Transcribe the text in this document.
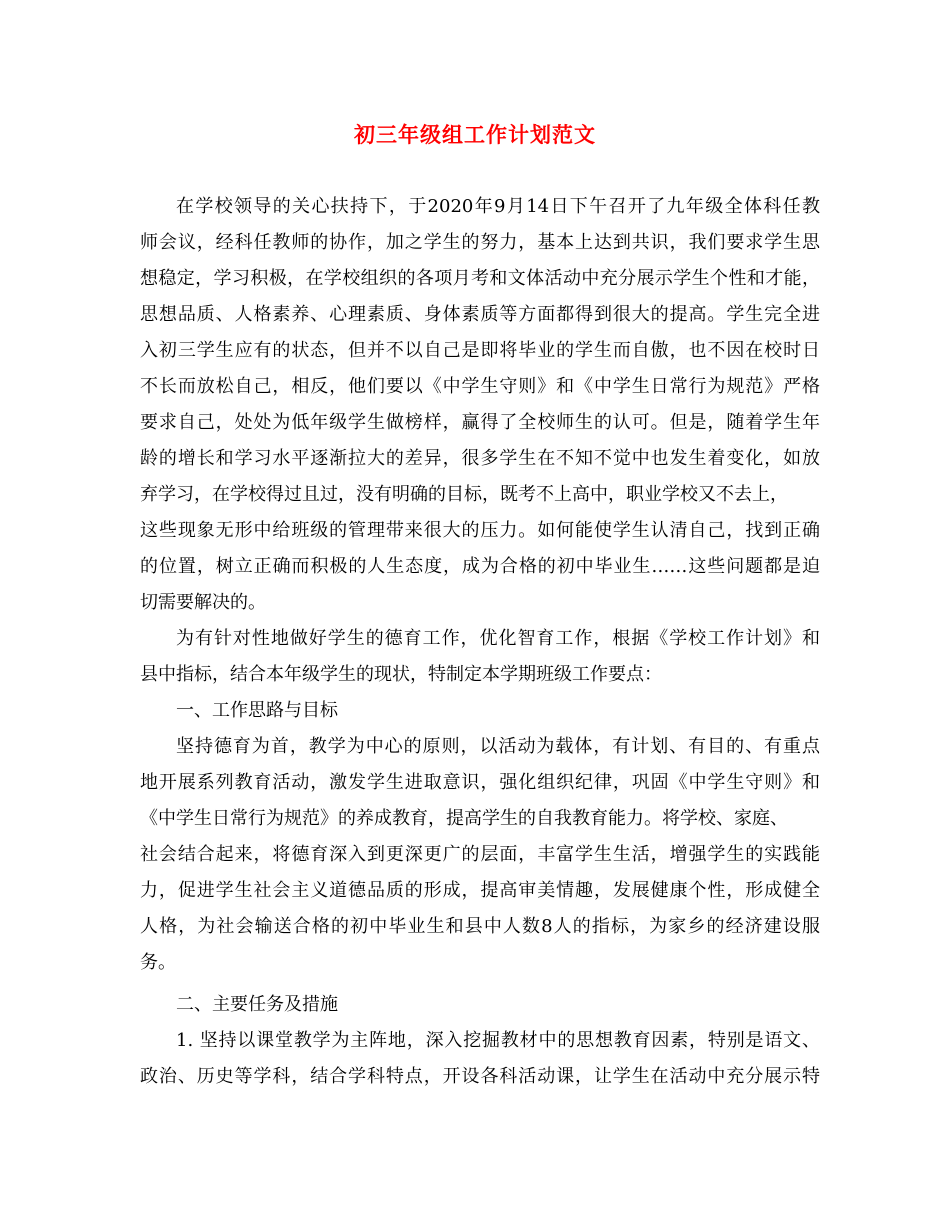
初三年级组工作计划范文
在学校领导的关心扶持下，于2020年9月14日下午召开了九年级全体科任教
师会议，经科任教师的协作，加之学生的努力，基本上达到共识，我们要求学生思
想稳定，学习积极，在学校组织的各项月考和文体活动中充分展示学生个性和才能，
思想品质、人格素养、心理素质、身体素质等方面都得到很大的提高。学生完全进
入初三学生应有的状态，但并不以自己是即将毕业的学生而自傲，也不因在校时日
不长而放松自己，相反，他们要以《中学生守则》和《中学生日常行为规范》严格
要求自己，处处为低年级学生做榜样，赢得了全校师生的认可。但是，随着学生年
龄的增长和学习水平逐渐拉大的差异，很多学生在不知不觉中也发生着变化，如放
弃学习，在学校得过且过，没有明确的目标，既考不上高中，职业学校又不去上，
这些现象无形中给班级的管理带来很大的压力。如何能使学生认清自己，找到正确
的位置，树立正确而积极的人生态度，成为合格的初中毕业生……这些问题都是迫
切需要解决的。
为有针对性地做好学生的德育工作，优化智育工作，根据《学校工作计划》和
县中指标，结合本年级学生的现状，特制定本学期班级工作要点：
一、工作思路与目标
坚持德育为首，教学为中心的原则，以活动为载体，有计划、有目的、有重点
地开展系列教育活动，激发学生进取意识，强化组织纪律，巩固《中学生守则》和
《中学生日常行为规范》的养成教育，提高学生的自我教育能力。将学校、家庭、
社会结合起来，将德育深入到更深更广的层面，丰富学生生活，增强学生的实践能
力，促进学生社会主义道德品质的形成，提高审美情趣，发展健康个性，形成健全
人格，为社会输送合格的初中毕业生和县中人数8人的指标，为家乡的经济建设服
务。
二、主要任务及措施
1. 坚持以课堂教学为主阵地，深入挖掘教材中的思想教育因素，特别是语文、
政治、历史等学科，结合学科特点，开设各科活动课，让学生在活动中充分展示特
